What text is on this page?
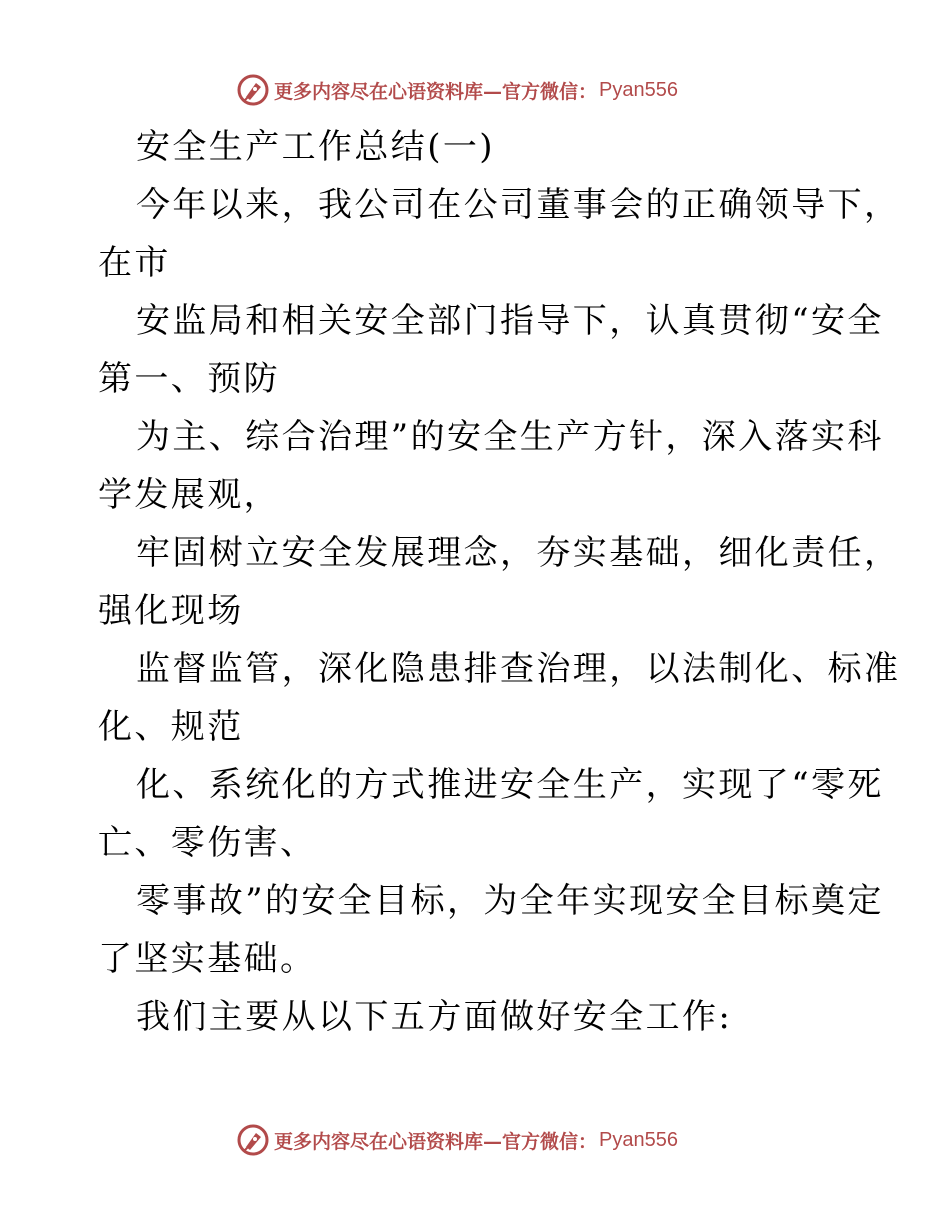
更多内容尽在心语资料库—官方微信： Pyan556
安全生产工作总结(一)
今年以来，我公司在公司董事会的正确领导下，
在市
安监局和相关安全部门指导下，认真贯彻“安全
第一、预防
为主、综合治理”的安全生产方针，深入落实科
学发展观，
牢固树立安全发展理念，夯实基础，细化责任，
强化现场
监督监管，深化隐患排查治理，以法制化、标准
化、规范
化、系统化的方式推进安全生产，实现了“零死
亡、零伤害、
零事故”的安全目标，为全年实现安全目标奠定
了坚实基础。
我们主要从以下五方面做好安全工作:
更多内容尽在心语资料库—官方微信： Pyan556
